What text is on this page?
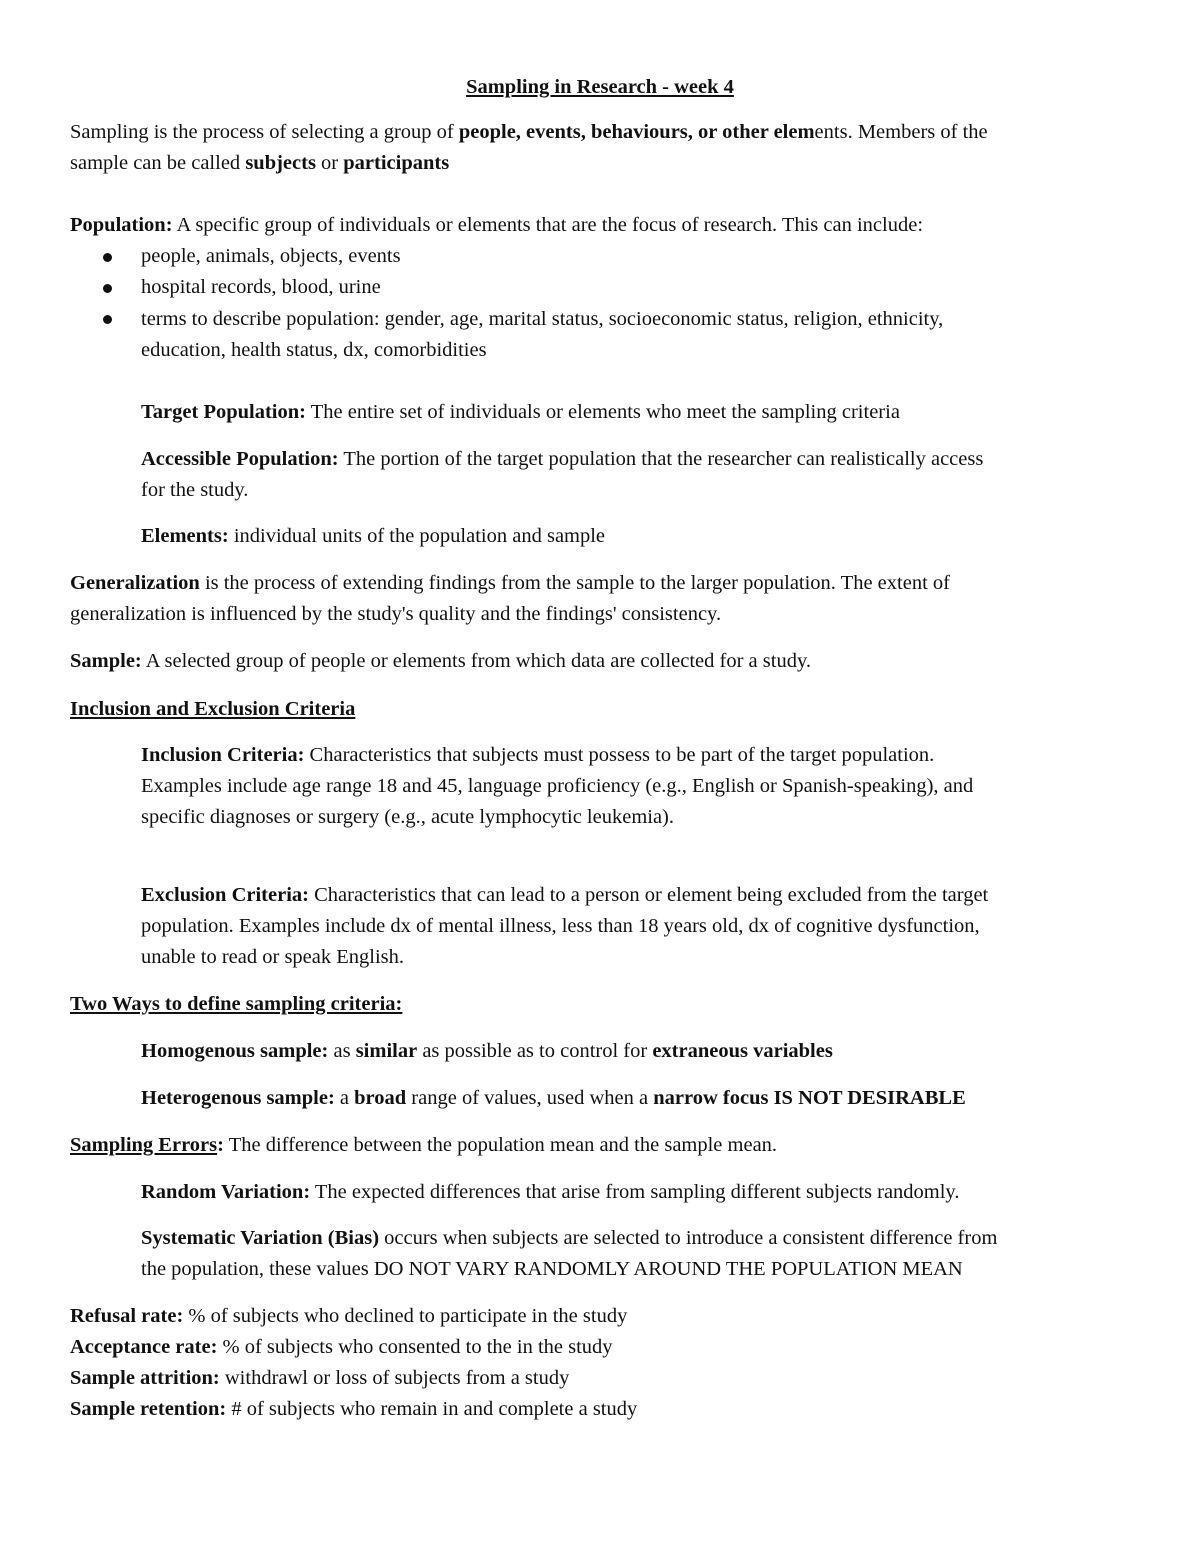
Sampling in Research - week 4
Sampling is the process of selecting a group of people, events, behaviours, or other elements. Members of the
sample can be called subjects or participants
Population: A specific group of individuals or elements that are the focus of research. This can include:
people, animals, objects, events
hospital records, blood, urine
terms to describe population: gender, age, marital status, socioeconomic status, religion, ethnicity,
education, health status, dx, comorbidities
Target Population: The entire set of individuals or elements who meet the sampling criteria
Accessible Population: The portion of the target population that the researcher can realistically access
for the study.
Elements: individual units of the population and sample
Generalization is the process of extending findings from the sample to the larger population. The extent of
generalization is influenced by the study's quality and the findings' consistency.
Sample: A selected group of people or elements from which data are collected for a study.
Inclusion and Exclusion Criteria
Inclusion Criteria: Characteristics that subjects must possess to be part of the target population.
Examples include age range 18 and 45, language proficiency (e.g., English or Spanish-speaking), and
specific diagnoses or surgery (e.g., acute lymphocytic leukemia).
Exclusion Criteria: Characteristics that can lead to a person or element being excluded from the target
population. Examples include dx of mental illness, less than 18 years old, dx of cognitive dysfunction,
unable to read or speak English.
Two Ways to define sampling criteria:
Homogenous sample: as similar as possible as to control for extraneous variables
Heterogenous sample: a broad range of values, used when a narrow focus IS NOT DESIRABLE
Sampling Errors: The difference between the population mean and the sample mean.
Random Variation: The expected differences that arise from sampling different subjects randomly.
Systematic Variation (Bias) occurs when subjects are selected to introduce a consistent difference from
the population, these values DO NOT VARY RANDOMLY AROUND THE POPULATION MEAN
Refusal rate: % of subjects who declined to participate in the study
Acceptance rate: % of subjects who consented to the in the study
Sample attrition: withdrawl or loss of subjects from a study
Sample retention: # of subjects who remain in and complete a study
